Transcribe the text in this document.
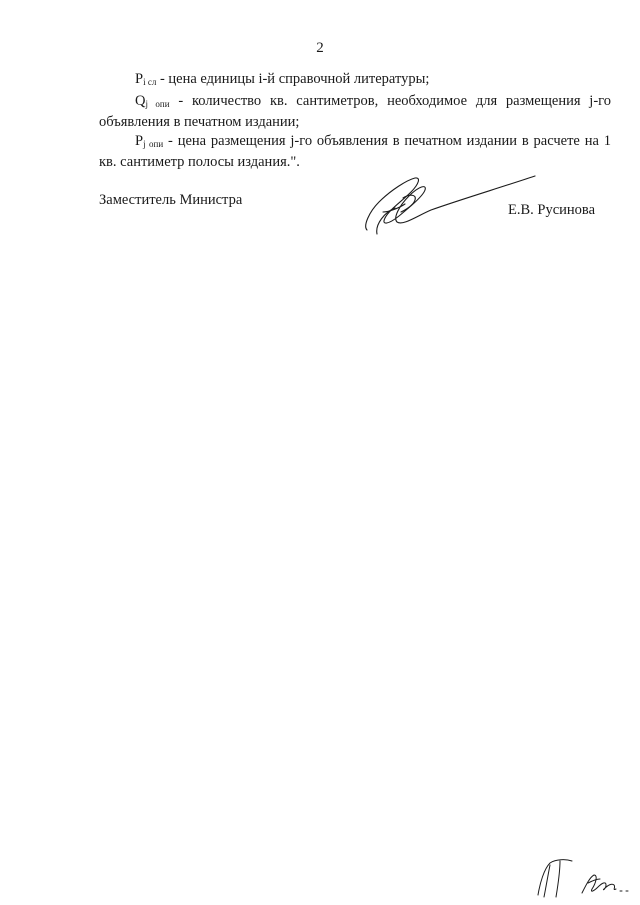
2

$P_{i сл}$ - цена единицы i-й справочной литературы;

$Q_{j опи}$ - количество кв. сантиметров, необходимое для размещения j-го объявления в печатном издании;

$P_{j опи}$ - цена размещения j-го объявления в печатном издании в расчете на 1 кв. сантиметр полосы издания.".

Заместитель Министра
Е.В. Русинова
